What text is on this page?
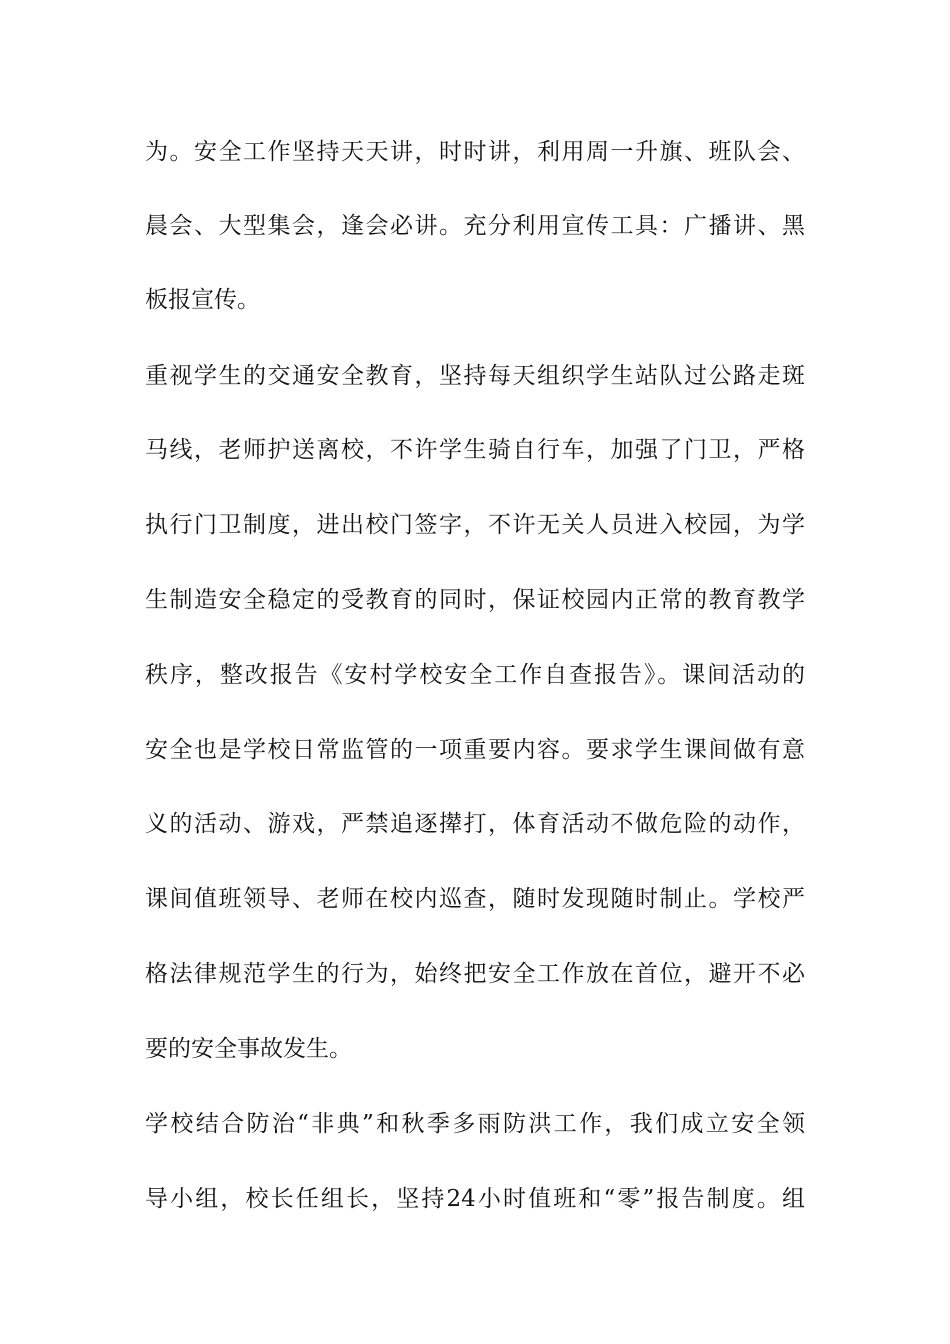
为。安全工作坚持天天讲，时时讲，利用周一升旗、班队会、
晨会、大型集会，逢会必讲。充分利用宣传工具：广播讲、黑
板报宣传。
重视学生的交通安全教育，坚持每天组织学生站队过公路走斑
马线，老师护送离校，不许学生骑自行车，加强了门卫，严格
执行门卫制度，进出校门签字，不许无关人员进入校园，为学
生制造安全稳定的受教育的同时，保证校园内正常的教育教学
秩序，整改报告《安村学校安全工作自查报告》。课间活动的
安全也是学校日常监管的一项重要内容。要求学生课间做有意
义的活动、游戏，严禁追逐撵打，体育活动不做危险的动作，
课间值班领导、老师在校内巡查，随时发现随时制止。学校严
格法律规范学生的行为，始终把安全工作放在首位，避开不必
要的安全事故发生。
学校结合防治“非典”和秋季多雨防洪工作，我们成立安全领
导小组，校长任组长，坚持24小时值班和“零”报告制度。组
